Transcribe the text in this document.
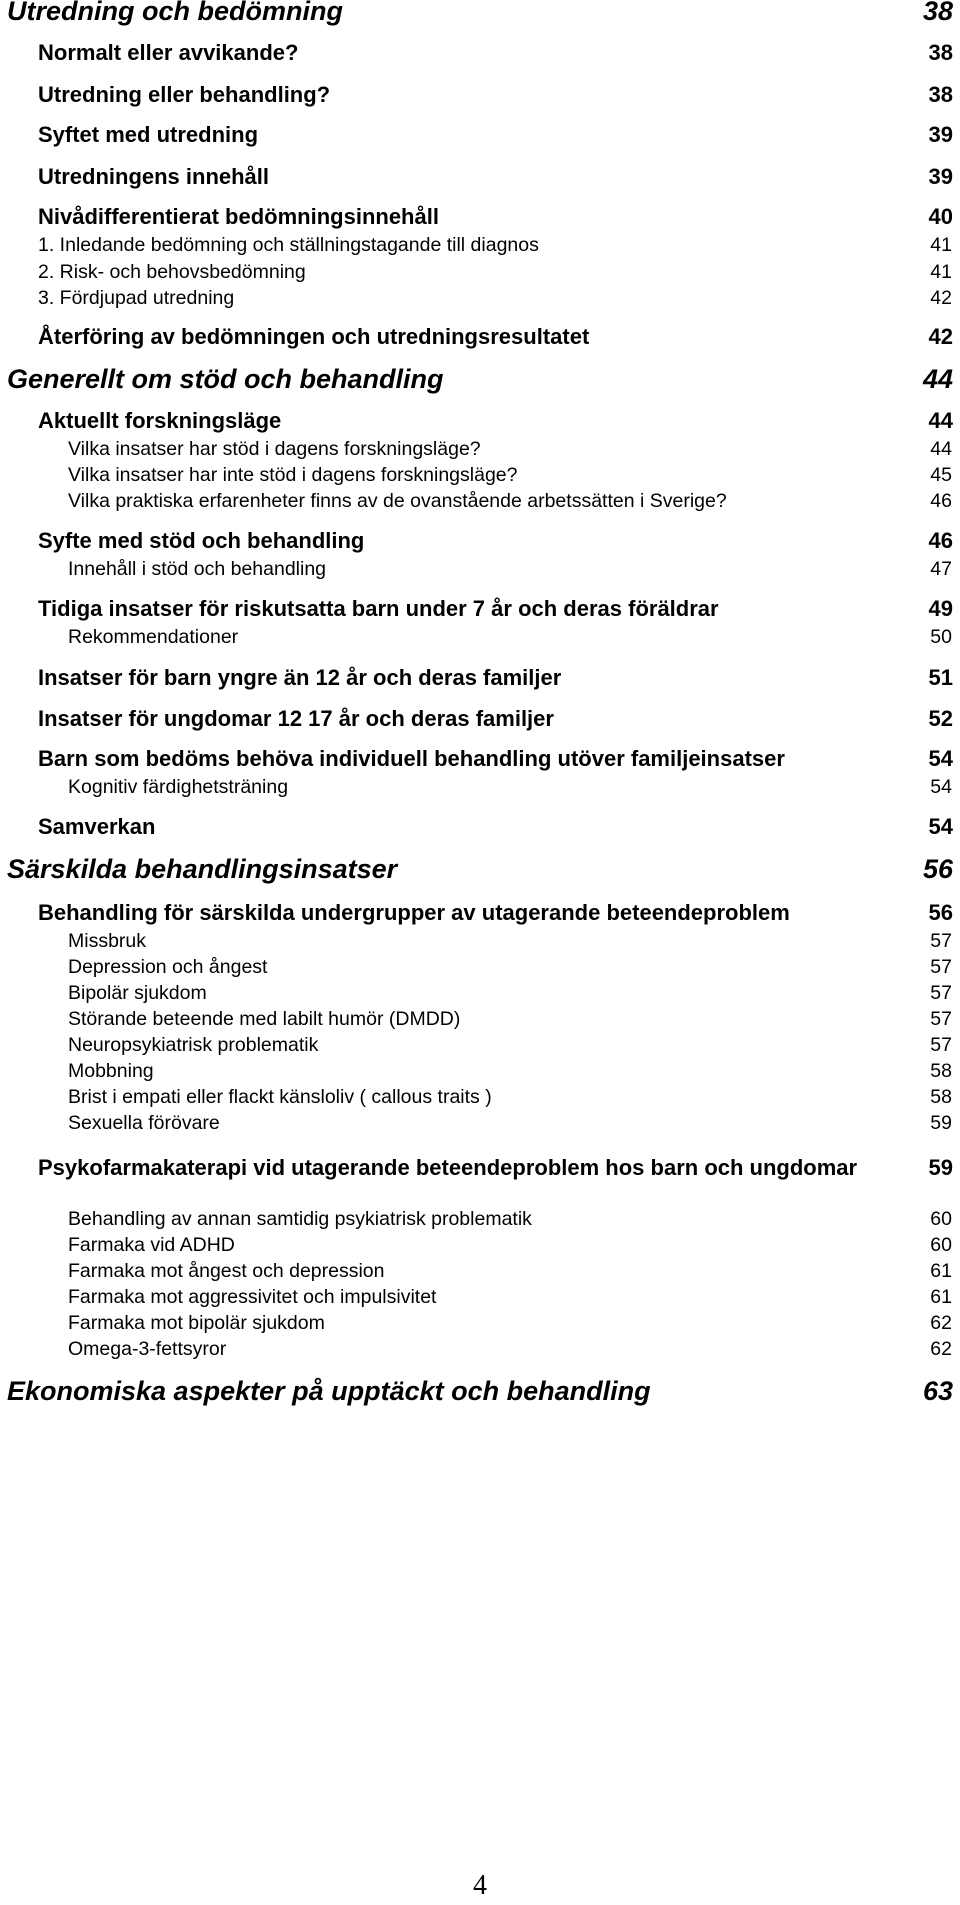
Utredning och bedömning	38
Normalt eller avvikande?	38
Utredning eller behandling?	38
Syftet med utredning	39
Utredningens innehåll	39
Nivådifferentierat bedömningsinnehåll	40
1. Inledande bedömning och ställningstagande till diagnos	41
2. Risk- och behovsbedömning	41
3. Fördjupad utredning	42
Återföring av bedömningen och utredningsresultatet	42
Generellt om stöd och behandling	44
Aktuellt forskningsläge	44
Vilka insatser har stöd i dagens forskningsläge?	44
Vilka insatser har inte stöd i dagens forskningsläge?	45
Vilka praktiska erfarenheter finns av de ovanstående arbetssätten i Sverige?	46
Syfte med stöd och behandling	46
Innehåll i stöd och behandling	47
Tidiga insatser för riskutsatta barn under 7 år och deras föräldrar	49
Rekommendationer	50
Insatser för barn yngre än 12 år och deras familjer	51
Insatser för ungdomar 12 17 år och deras familjer	52
Barn som bedöms behöva individuell behandling utöver familjeinsatser	54
Kognitiv färdighetsträning	54
Samverkan	54
Särskilda behandlingsinsatser	56
Behandling för särskilda undergrupper av utagerande beteendeproblem	56
Missbruk	57
Depression och ångest	57
Bipolär sjukdom	57
Störande beteende med labilt humör (DMDD)	57
Neuropsykiatrisk problematik	57
Mobbning	58
Brist i empati eller flackt känsloliv ( callous traits )	58
Sexuella förövare	59
Psykofarmakaterapi vid utagerande beteendeproblem hos barn och ungdomar	59
Behandling av annan samtidig psykiatrisk problematik	60
Farmaka vid ADHD	60
Farmaka mot ångest och depression	61
Farmaka mot aggressivitet och impulsivitet	61
Farmaka mot bipolär sjukdom	62
Omega-3-fettsyror	62
Ekonomiska aspekter på upptäckt och behandling	63
4
